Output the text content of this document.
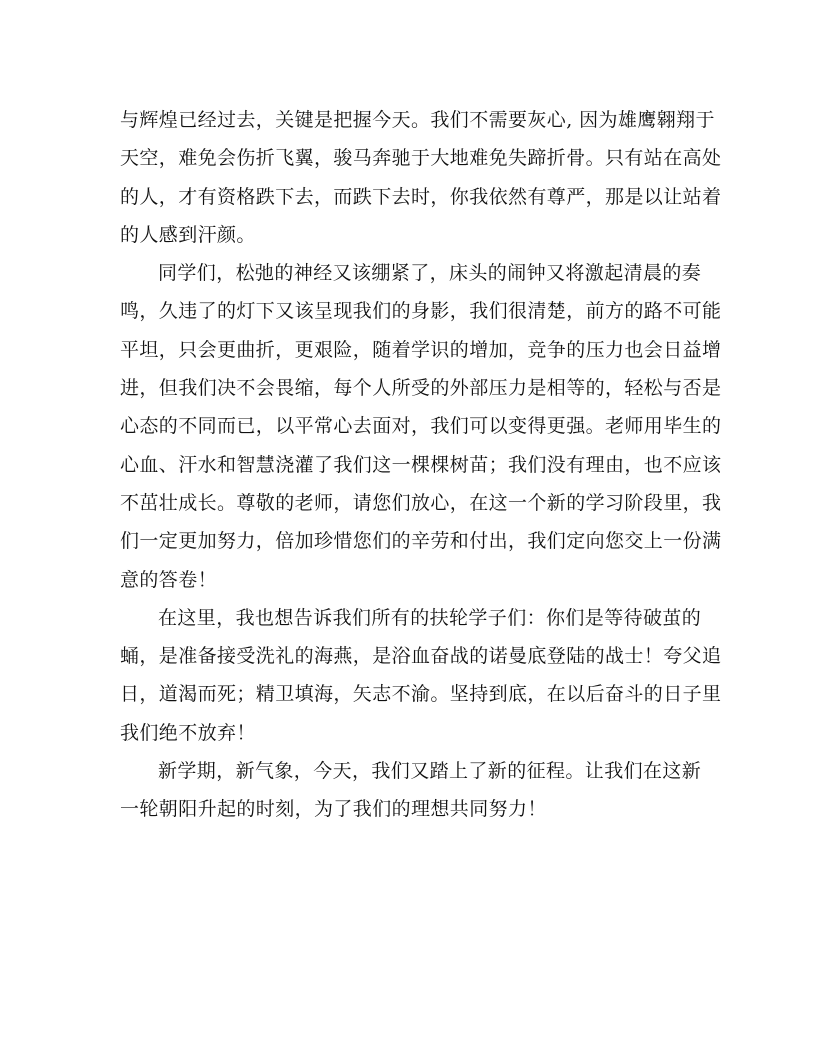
与辉煌已经过去，关键是把握今天。我们不需要灰心, 因为雄鹰翱翔于
天空，难免会伤折飞翼，骏马奔驰于大地难免失蹄折骨。只有站在高处
的人，才有资格跌下去，而跌下去时，你我依然有尊严，那是以让站着
的人感到汗颜。
同学们，松弛的神经又该绷紧了，床头的闹钟又将激起清晨的奏
鸣，久违了的灯下又该呈现我们的身影，我们很清楚，前方的路不可能
平坦，只会更曲折，更艰险，随着学识的增加，竞争的压力也会日益增
进，但我们决不会畏缩，每个人所受的外部压力是相等的，轻松与否是
心态的不同而已，以平常心去面对，我们可以变得更强。老师用毕生的
心血、汗水和智慧浇灌了我们这一棵棵树苗；我们没有理由，也不应该
不茁壮成长。尊敬的老师，请您们放心，在这一个新的学习阶段里，我
们一定更加努力，倍加珍惜您们的辛劳和付出，我们定向您交上一份满
意的答卷！
在这里，我也想告诉我们所有的扶轮学子们：你们是等待破茧的
蛹，是准备接受洗礼的海燕，是浴血奋战的诺曼底登陆的战士！夸父追
日，道渴而死；精卫填海，矢志不渝。坚持到底，在以后奋斗的日子里
我们绝不放弃！
新学期，新气象，今天，我们又踏上了新的征程。让我们在这新
一轮朝阳升起的时刻，为了我们的理想共同努力！
